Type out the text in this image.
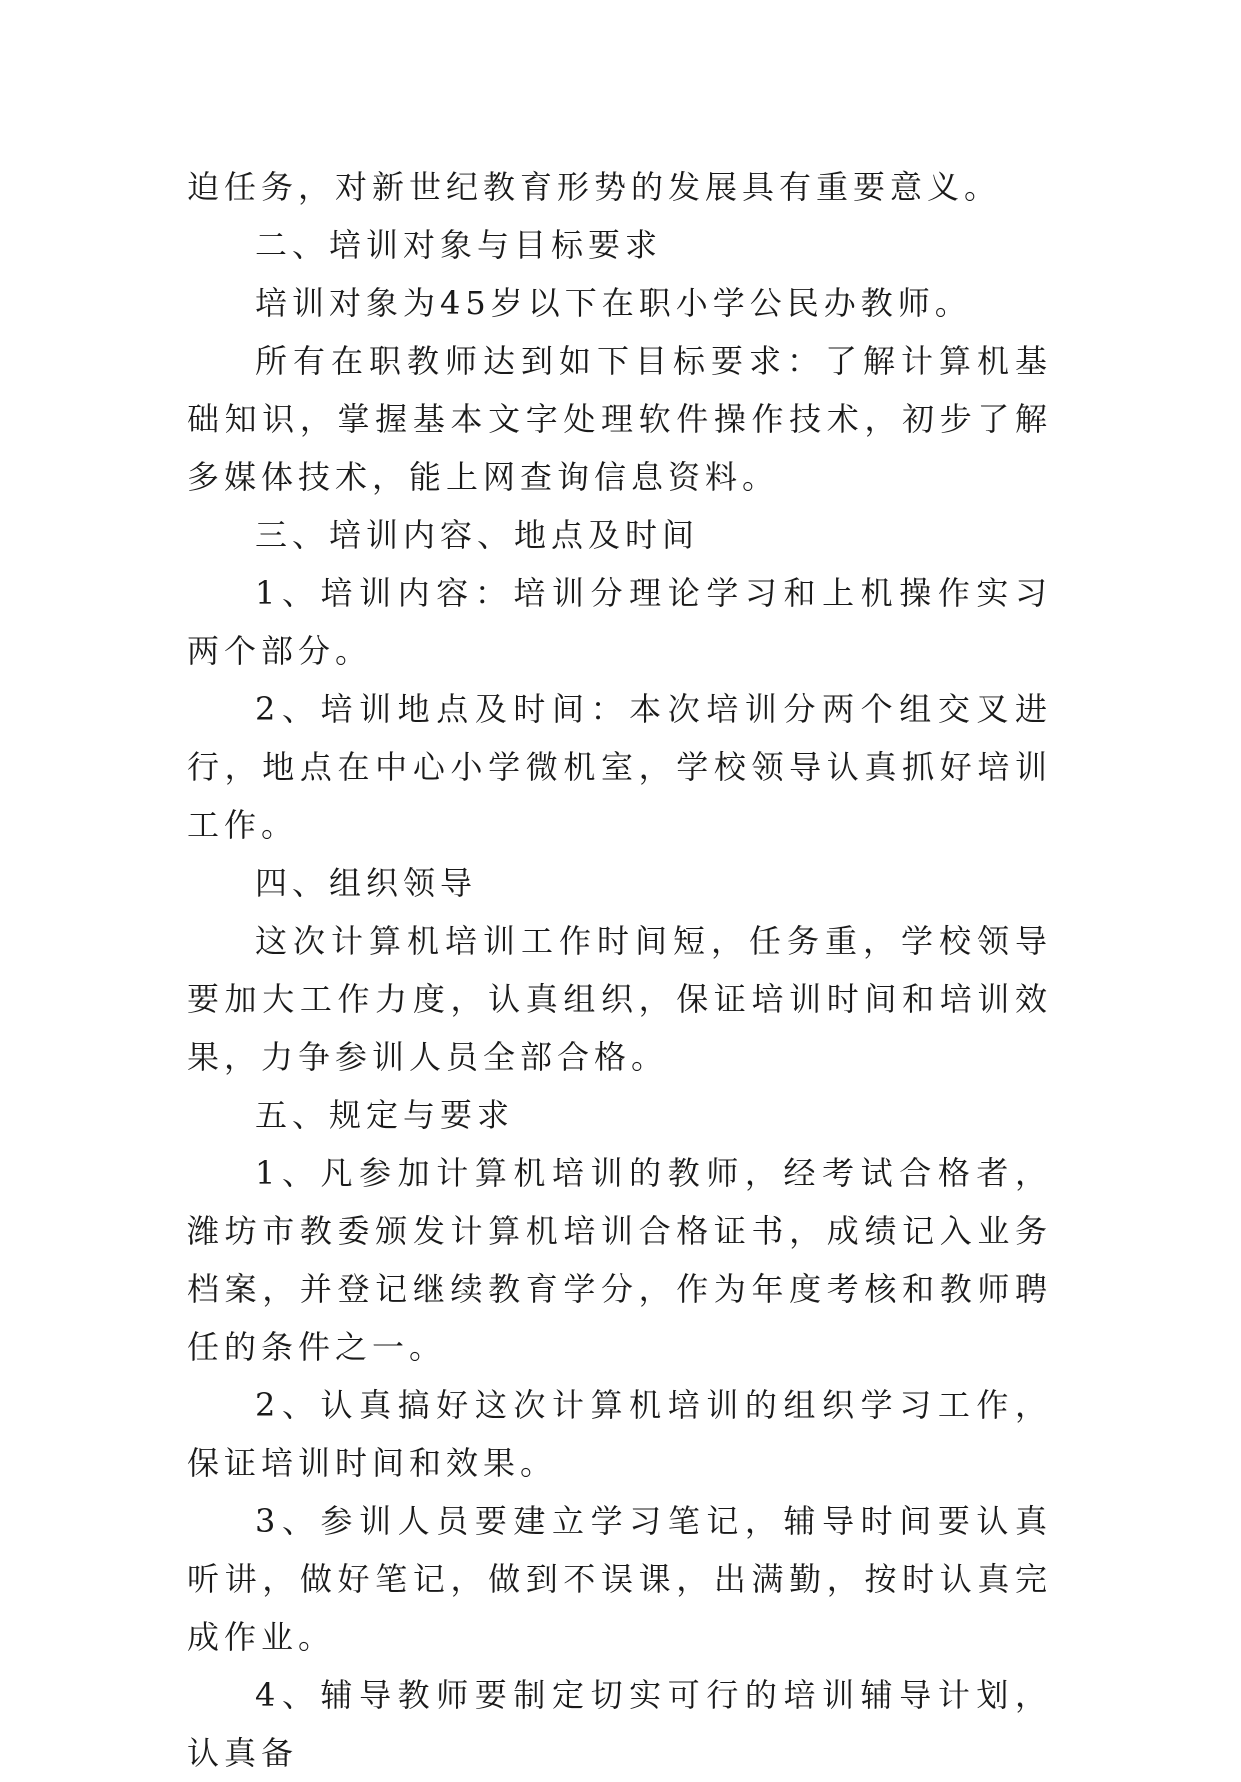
迫任务，对新世纪教育形势的发展具有重要意义。

二、培训对象与目标要求

培训对象为45岁以下在职小学公民办教师。

所有在职教师达到如下目标要求：了解计算机基础知识，掌握基本文字处理软件操作技术，初步了解多媒体技术，能上网查询信息资料。

三、培训内容、地点及时间

1、培训内容：培训分理论学习和上机操作实习两个部分。

2、培训地点及时间：本次培训分两个组交叉进行，地点在中心小学微机室，学校领导认真抓好培训工作。

四、组织领导

这次计算机培训工作时间短，任务重，学校领导要加大工作力度，认真组织，保证培训时间和培训效果，力争参训人员全部合格。

五、规定与要求

1、凡参加计算机培训的教师，经考试合格者，潍坊市教委颁发计算机培训合格证书，成绩记入业务档案，并登记继续教育学分，作为年度考核和教师聘任的条件之一。

2、认真搞好这次计算机培训的组织学习工作，保证培训时间和效果。

3、参训人员要建立学习笔记，辅导时间要认真听讲，做好笔记，做到不误课，出满勤，按时认真完成作业。

4、辅导教师要制定切实可行的培训辅导计划，认真备
